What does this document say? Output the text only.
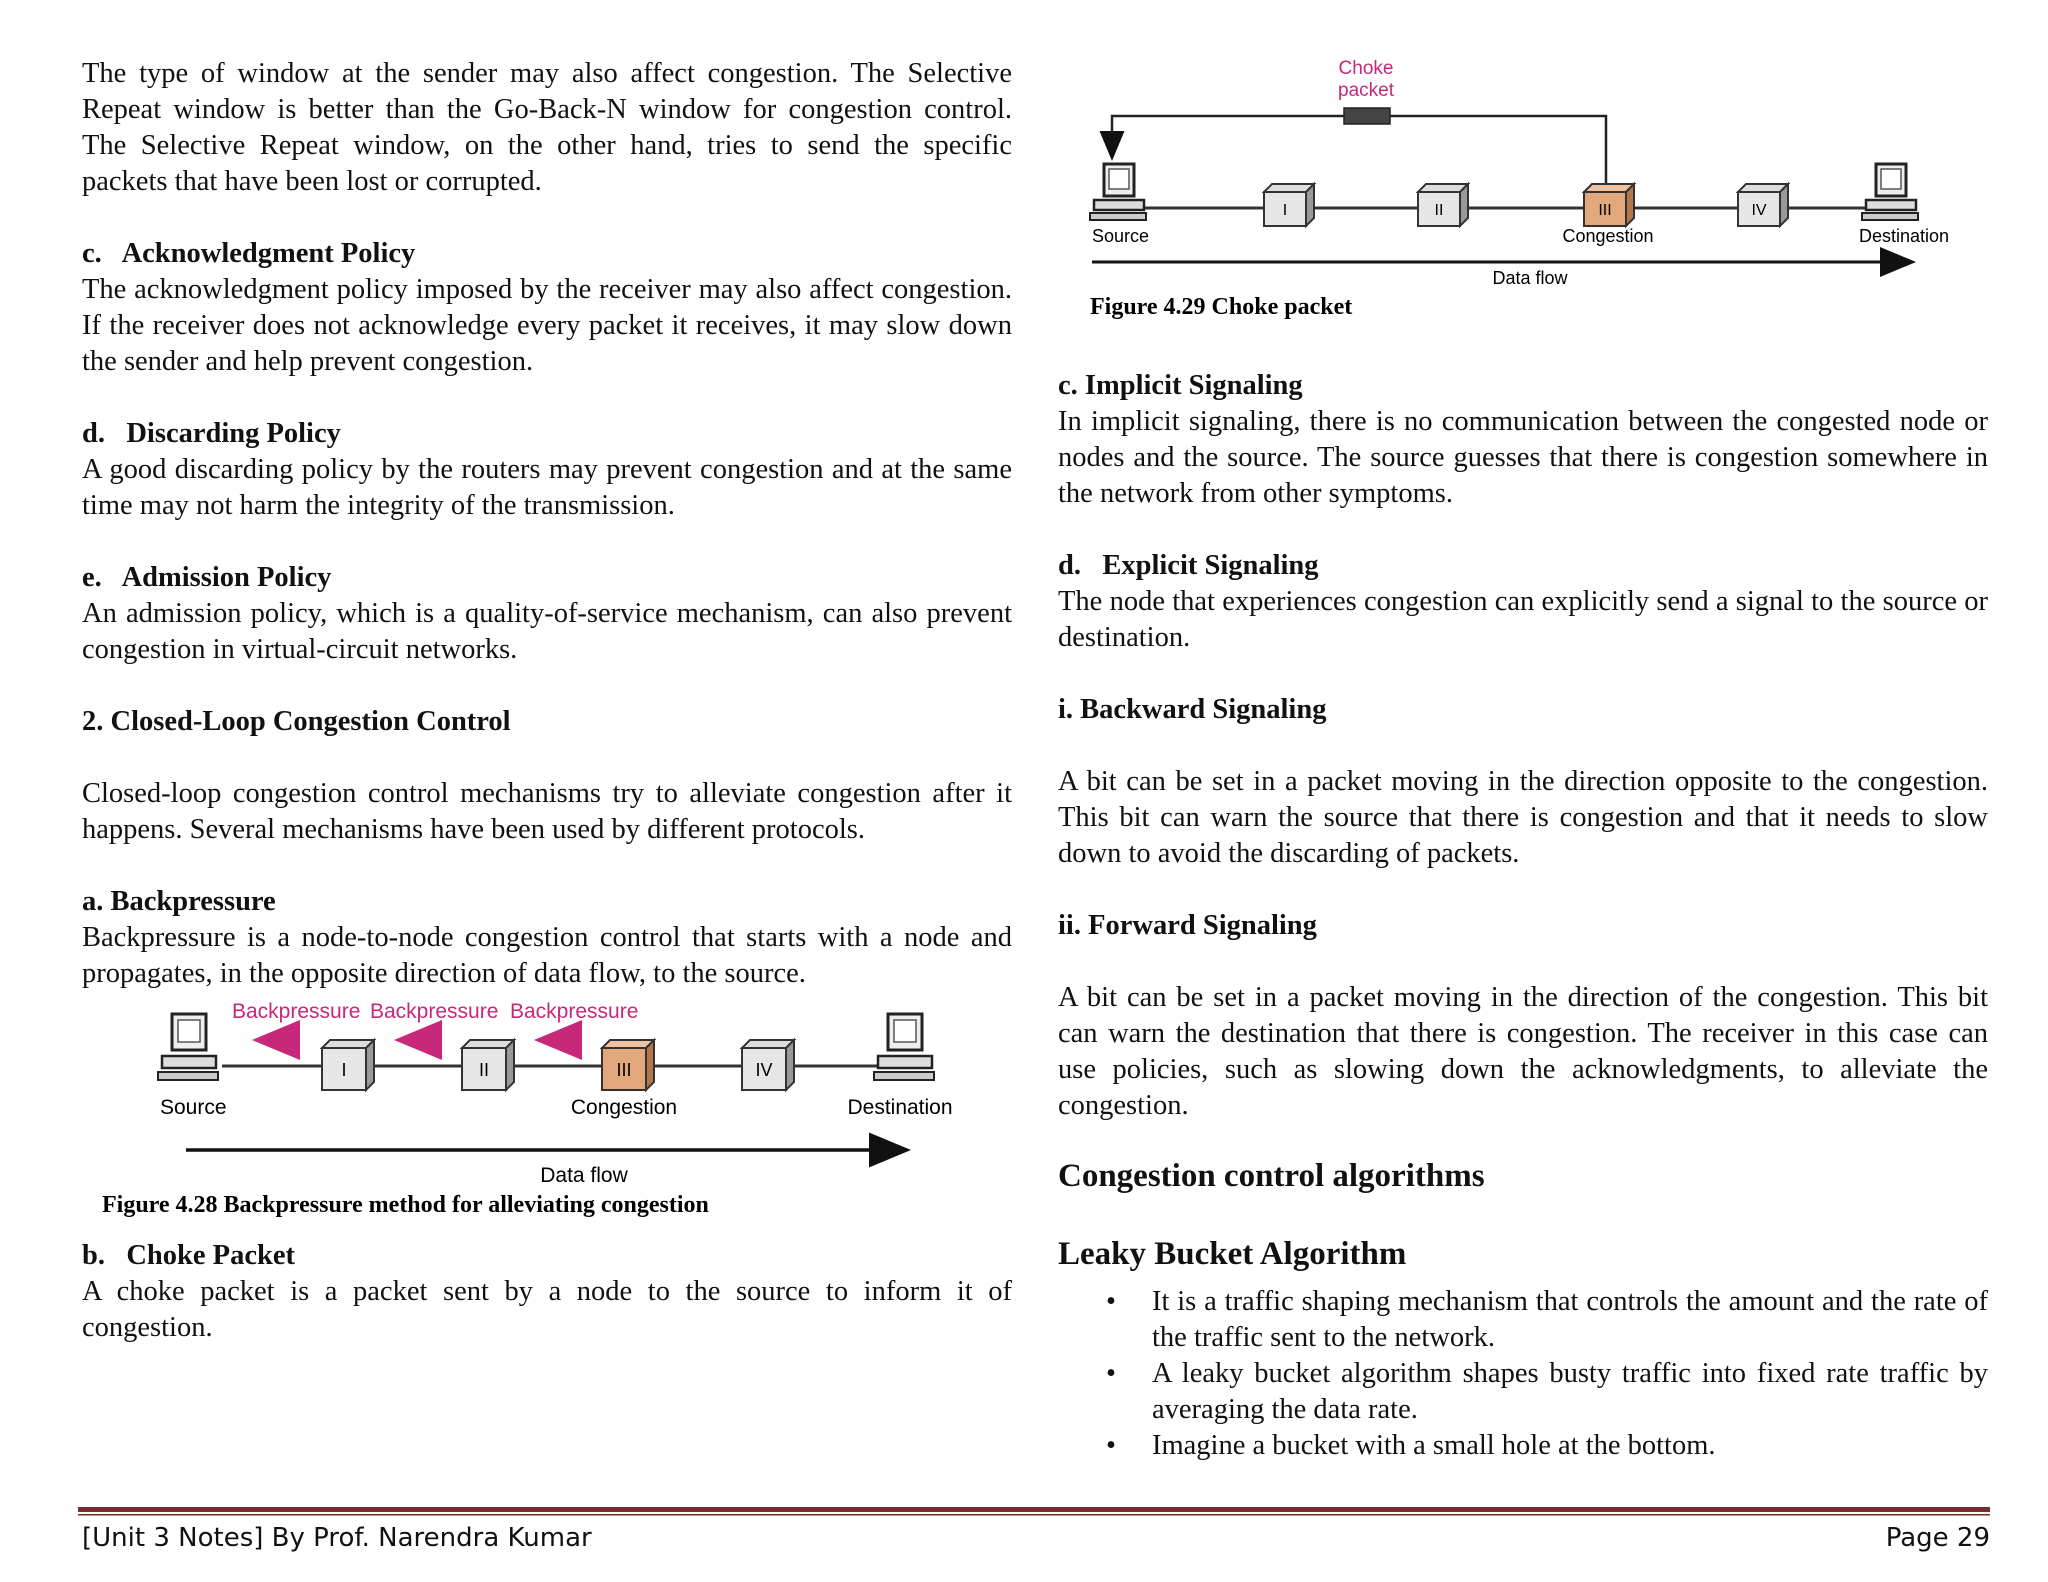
The type of window at the sender may also affect congestion. The Selective Repeat window is better than the Go-Back-N window for congestion control. The Selective Repeat window, on the other hand, tries to send the specific packets that have been lost or corrupted.

c.   Acknowledgment Policy

The acknowledgment policy imposed by the receiver may also affect congestion. If the receiver does not acknowledge every packet it receives, it may slow down the sender and help prevent congestion.

d.   Discarding Policy

A good discarding policy by the routers may prevent congestion and at the same time may not harm the integrity of the transmission.

e.   Admission Policy

An admission policy, which is a quality-of-service mechanism, can also prevent congestion in virtual-circuit networks.

2. Closed-Loop Congestion Control

Closed-loop congestion control mechanisms try to alleviate congestion after it happens. Several mechanisms have been used by different protocols.

a. Backpressure

Backpressure is a node-to-node congestion control that starts with a node and propagates, in the opposite direction of data flow, to the source.

Backpressure Backpressure Backpressure
I	II	III	IV
Source	Congestion	Destination
Data flow
Figure 4.28 Backpressure method for alleviating congestion
b.   Choke Packet

A choke packet is a packet sent by a node to the source to inform it of congestion.

Choke
packet
I	II	III	IV
Source	Congestion	Destination
Data flow
Figure 4.29 Choke packet
c. Implicit Signaling

In implicit signaling, there is no communication between the congested node or nodes and the source. The source guesses that there is congestion somewhere in the network from other symptoms.

d.   Explicit Signaling

The node that experiences congestion can explicitly send a signal to the source or destination.

i. Backward Signaling

A bit can be set in a packet moving in the direction opposite to the congestion. This bit can warn the source that there is congestion and that it needs to slow down to avoid the discarding of packets.

ii. Forward Signaling

A bit can be set in a packet moving in the direction of the congestion. This bit can warn the destination that there is congestion. The receiver in this case can use policies, such as slowing down the acknowledgments, to alleviate the congestion.

Congestion control algorithms
Leaky Bucket Algorithm
• It is a traffic shaping mechanism that controls the amount and the rate of the traffic sent to the network.
• A leaky bucket algorithm shapes busty traffic into fixed rate traffic by averaging the data rate.
• Imagine a bucket with a small hole at the bottom.
[Unit 3 Notes] By Prof. Narendra Kumar	Page 29
